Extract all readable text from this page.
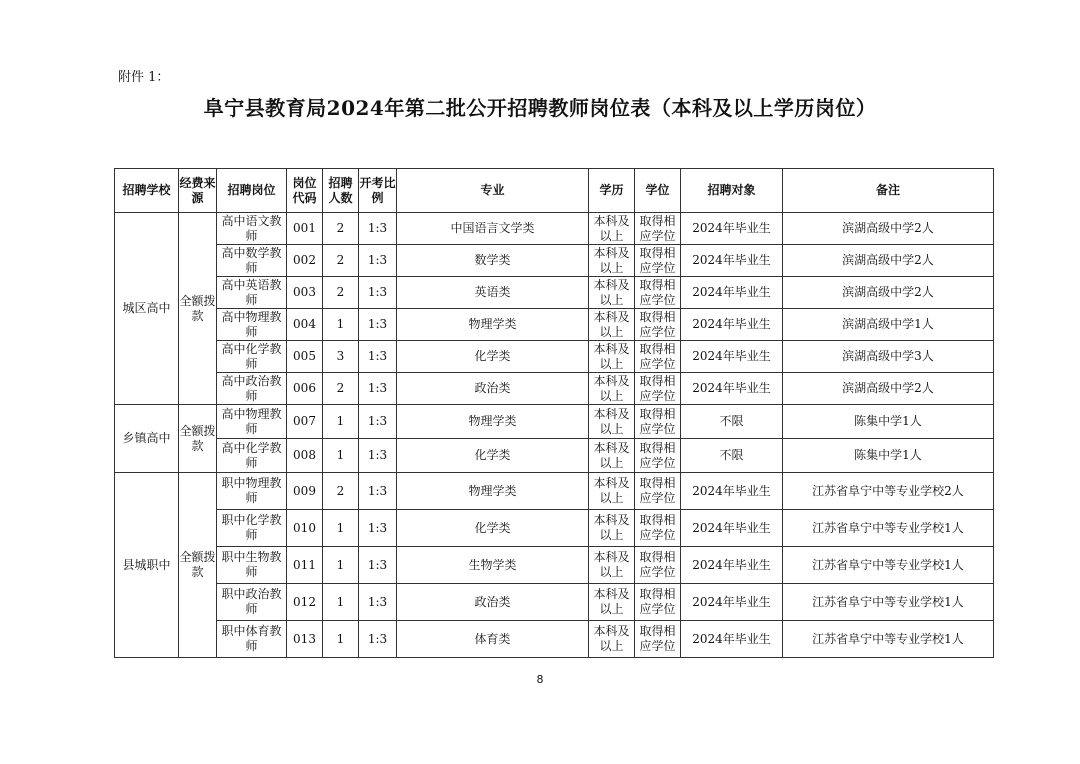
附件 1：
阜宁县教育局2024年第二批公开招聘教师岗位表（本科及以上学历岗位）
招聘学校	经费来源	招聘岗位	岗位代码	招聘人数	开考比例	专业	学历	学位	招聘对象	备注
城区高中	全额拨款	高中语文教师	001	2	1:3	中国语言文学类	本科及以上	取得相应学位	2024年毕业生	滨湖高级中学2人
		高中数学教师	002	2	1:3	数学类	本科及以上	取得相应学位	2024年毕业生	滨湖高级中学2人
		高中英语教师	003	2	1:3	英语类	本科及以上	取得相应学位	2024年毕业生	滨湖高级中学2人
		高中物理教师	004	1	1:3	物理学类	本科及以上	取得相应学位	2024年毕业生	滨湖高级中学1人
		高中化学教师	005	3	1:3	化学类	本科及以上	取得相应学位	2024年毕业生	滨湖高级中学3人
		高中政治教师	006	2	1:3	政治类	本科及以上	取得相应学位	2024年毕业生	滨湖高级中学2人
乡镇高中	全额拨款	高中物理教师	007	1	1:3	物理学类	本科及以上	取得相应学位	不限	陈集中学1人
		高中化学教师	008	1	1:3	化学类	本科及以上	取得相应学位	不限	陈集中学1人
县城职中	全额拨款	职中物理教师	009	2	1:3	物理学类	本科及以上	取得相应学位	2024年毕业生	江苏省阜宁中等专业学校2人
		职中化学教师	010	1	1:3	化学类	本科及以上	取得相应学位	2024年毕业生	江苏省阜宁中等专业学校1人
		职中生物教师	011	1	1:3	生物学类	本科及以上	取得相应学位	2024年毕业生	江苏省阜宁中等专业学校1人
		职中政治教师	012	1	1:3	政治类	本科及以上	取得相应学位	2024年毕业生	江苏省阜宁中等专业学校1人
		职中体育教师	013	1	1:3	体育类	本科及以上	取得相应学位	2024年毕业生	江苏省阜宁中等专业学校1人
8
